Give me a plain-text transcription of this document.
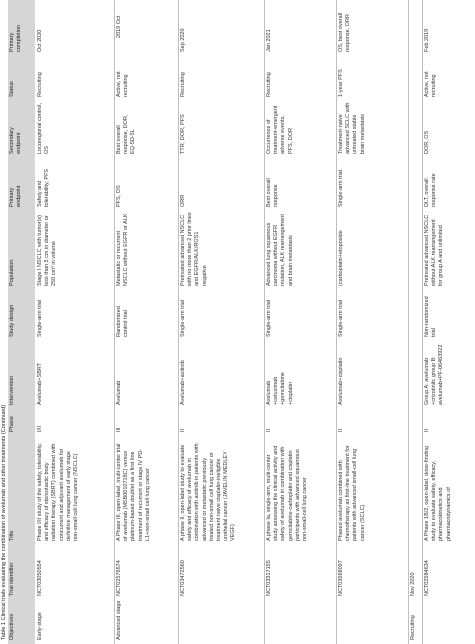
Table 1 Clinical trials evaluating the combination of avelumab and other treatments (Continued) Objectives
Trial identifier
Title
Phase
Intervention
Study design
Population
Primary endpoint
Secondary endpoint
Status
Primary completion
Early-stage
NCT03050554
Phase I/II study of the safety, tolerability, and efficacy of stereotactic body radiation therapy (SBRT) combined with concurrent and adjuvant avelumab for definitive management of early stage non-small cell lung cancer (NSCLC)
I/II
Avelumab+SBRT
Single-arm trial
Stage I NSCLC with tumor(s) less than 5 cm in diameter or 250 cm³ in volume
Safety and tolerability, PFS
Locoregional control, OS
Recruiting
Oct 2020
Advanced stage
NCT02576574
A Phase III, open-label, multi-center trial of avelumab (MSB0010718C) versus platinum-based doublet as a first line treatment of recurrent or stage IV PD-L1+non-small cell lung cancer
III
Avelumab
Randomized control trial
Metastatic or recurrent NSCLC without EGFR or ALK
PFS, OS
Best overall response, DOR, EQ-5D-5L
Active, not recruiting
2019 Oct
NCT03472560
A phase II, open-label study to evaluate safety and efficacy of avelumab in combination with axitinib in patients with advanced or metastatic previously treated non-small cell lung cancer or treatment naive cisplatin-ineligible urothelial cancer (JAVELIN MEDLEY VEGF)
II
Avelumab+axitinib
Single-arm trial
Pretreated advanced NSCLC with no more than 2 prior lines and EGFR/ALK/ROS1 negative
ORR
TTR, DOR, PFS
Recruiting
Sep 2020
NCT03317155
A phase Ia, single-arm, multi-center study assessing the clinical activity and safety of avelumab in combination with gemcitabine-carboplatin and cisplatin participants with advanced squamous non-small-cell lung cancer
II
Avelumab +cetuximab +gemcitabine +cisplatin
Single-arm trial
Advanced lung squamous carcinoma without EGFR mutation, ALK rearrangement and brain metastasis
Best overall response
Occurrence of treatment-emergent adverse events, PFS, DOR
Recruiting
Jan 2021
NCT03568097
Phased avelumab combined with chemotherapy as first-line treatment for patients with advanced small-cell lung cancer (SCLC)
II
Avelumab+cisplatin
Single-arm trial
(carboplatin+etoposide
Single-arm trial
Treatment-naive advanced SCLC with untreated stable brain metastasis
1-year PFS
OS, best overall response, ORR
Recruiting
Nov 2020 NCT02584634
A Phase 1B/2, open-label, dose-finding study to evaluate safety, efficacy, pharmacokinetics and pharmacodynamics of
II
Group A: avelumab +crizotinib; group B: avelumab+PF-06463922
Non-randomized trial
Pretreated advanced NSCLC without ALK rearrangement for group A and unlimited
DLT, overall response rate
DOR, OS
Active, not recruiting
Feb 2019
